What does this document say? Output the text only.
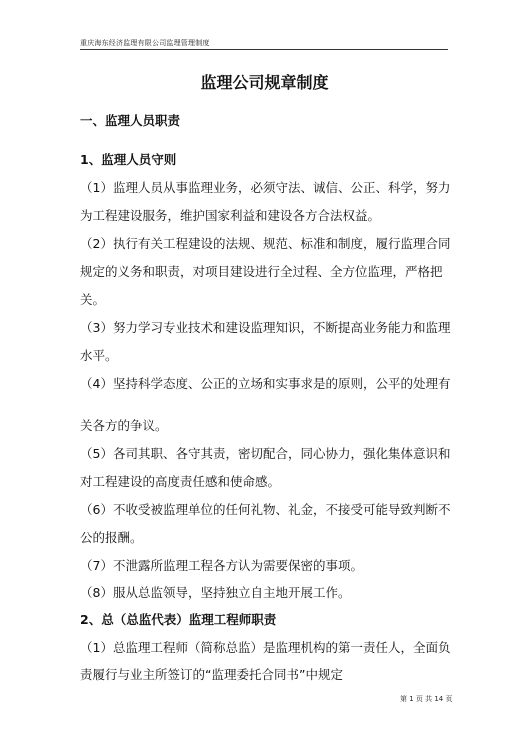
重庆海东经济监理有限公司监理管理制度
监理公司规章制度
一、监理人员职责
1、监理人员守则
（1）监理人员从事监理业务，必须守法、诚信、公正、科学，努力
为工程建设服务，维护国家利益和建设各方合法权益。
（2）执行有关工程建设的法规、规范、标准和制度，履行监理合同
规定的义务和职责，对项目建设进行全过程、全方位监理，严格把
关。
（3）努力学习专业技术和建设监理知识，不断提高业务能力和监理
水平。
（4）坚持科学态度、公正的立场和实事求是的原则，公平的处理有
关各方的争议。
（5）各司其职、各守其责，密切配合，同心协力，强化集体意识和
对工程建设的高度责任感和使命感。
（6）不收受被监理单位的任何礼物、礼金，不接受可能导致判断不
公的报酬。
（7）不泄露所监理工程各方认为需要保密的事项。
（8）服从总监领导，坚持独立自主地开展工作。
2、总（总监代表）监理工程师职责
（1）总监理工程师（简称总监）是监理机构的第一责任人，全面负
责履行与业主所签订的“监理委托合同书”中规定
第 1 页 共 14 页
